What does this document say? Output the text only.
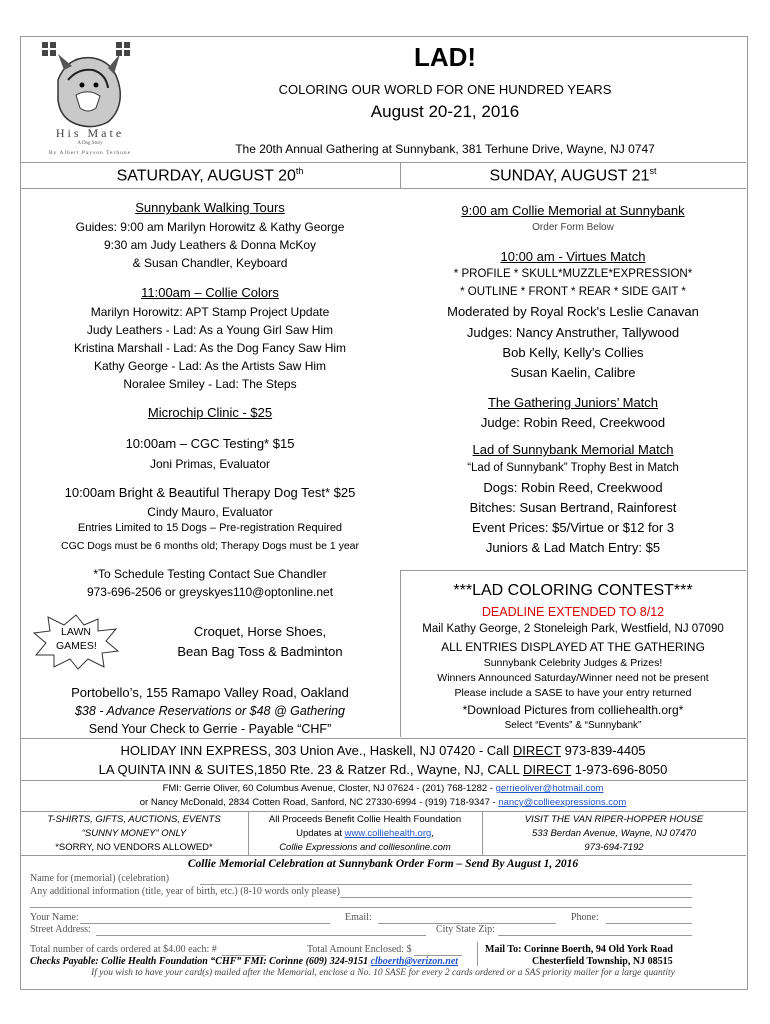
His Mate
A Dog Story
By Albert Payson Terhune
LAD!
COLORING OUR WORLD FOR ONE HUNDRED YEARS
August 20-21, 2016
The 20th Annual Gathering at Sunnybank, 381 Terhune Drive, Wayne, NJ 0747
SATURDAY, AUGUST 20th	SUNDAY, AUGUST 21st
Sunnybank Walking Tours
Guides: 9:00 am Marilyn Horowitz & Kathy George
9:30 am Judy Leathers & Donna McKoy
& Susan Chandler, Keyboard
11:00am – Collie Colors
Marilyn Horowitz: APT Stamp Project Update
Judy Leathers - Lad: As a Young Girl Saw Him
Kristina Marshall - Lad: As the Dog Fancy Saw Him
Kathy George - Lad: As the Artists Saw Him
Noralee Smiley - Lad: The Steps
Microchip Clinic - $25
10:00am – CGC Testing* $15
Joni Primas, Evaluator
10:00am Bright & Beautiful Therapy Dog Test* $25
Cindy Mauro, Evaluator
Entries Limited to 15 Dogs – Pre-registration Required
CGC Dogs must be 6 months old; Therapy Dogs must be 1 year
*To Schedule Testing Contact Sue Chandler
973-696-2506 or greyskyes110@optonline.net
LAWN GAMES!
Croquet, Horse Shoes,
Bean Bag Toss & Badminton
Portobello’s, 155 Ramapo Valley Road, Oakland
$38 - Advance Reservations or $48 @ Gathering
Send Your Check to Gerrie - Payable “CHF”
9:00 am Collie Memorial at Sunnybank
Order Form Below
10:00 am - Virtues Match
* PROFILE * SKULL*MUZZLE*EXPRESSION*
* OUTLINE * FRONT * REAR * SIDE GAIT *
Moderated by Royal Rock's Leslie Canavan
Judges: Nancy Anstruther, Tallywood
Bob Kelly, Kelly’s Collies
Susan Kaelin, Calibre
The Gathering Juniors’ Match
Judge: Robin Reed, Creekwood
Lad of Sunnybank Memorial Match
“Lad of Sunnybank” Trophy Best in Match
Dogs: Robin Reed, Creekwood
Bitches: Susan Bertrand, Rainforest
Event Prices: $5/Virtue or $12 for 3
Juniors & Lad Match Entry: $5
***LAD COLORING CONTEST***
DEADLINE EXTENDED TO 8/12
Mail Kathy George, 2 Stoneleigh Park, Westfield, NJ 07090
ALL ENTRIES DISPLAYED AT THE GATHERING
Sunnybank Celebrity Judges & Prizes!
Winners Announced Saturday/Winner need not be present
Please include a SASE to have your entry returned
*Download Pictures from colliehealth.org*
Select “Events” & “Sunnybank”
HOLIDAY INN EXPRESS, 303 Union Ave., Haskell, NJ 07420 - Call DIRECT 973-839-4405
LA QUINTA INN & SUITES,1850 Rte. 23 & Ratzer Rd., Wayne, NJ, CALL DIRECT 1-973-696-8050
FMI: Gerrie Oliver, 60 Columbus Avenue, Closter, NJ 07624 - (201) 768-1282 - gerrieoliver@hotmail.com
or Nancy McDonald, 2834 Cotten Road, Sanford, NC 27330-6994 - (919) 718-9347 - nancy@collieexpressions.com
T-SHIRTS, GIFTS, AUCTIONS, EVENTS
“SUNNY MONEY” ONLY
*SORRY, NO VENDORS ALLOWED*
All Proceeds Benefit Collie Health Foundation
Updates at www.colliehealth.org,
Collie Expressions and colliesonline.com
VISIT THE VAN RIPER-HOPPER HOUSE
533 Berdan Avenue, Wayne, NJ 07470
973-694-7192
Collie Memorial Celebration at Sunnybank Order Form – Send By August 1, 2016
Name for (memorial) (celebration)
Any additional information (title, year of birth, etc.) (8-10 words only please)
Your Name:	Email:	Phone:
Street Address:	City State Zip:
Total number of cards ordered at $4.00 each: #	Total Amount Enclosed: $	Mail To: Corinne Boerth, 94 Old York Road
Checks Payable: Collie Health Foundation “CHF” FMI: Corinne (609) 324-9151 clboerth@verizon.net	Chesterfield Township, NJ 08515
If you wish to have your card(s) mailed after the Memorial, enclose a No. 10 SASE for every 2 cards ordered or a SAS priority mailer for a large quantity
